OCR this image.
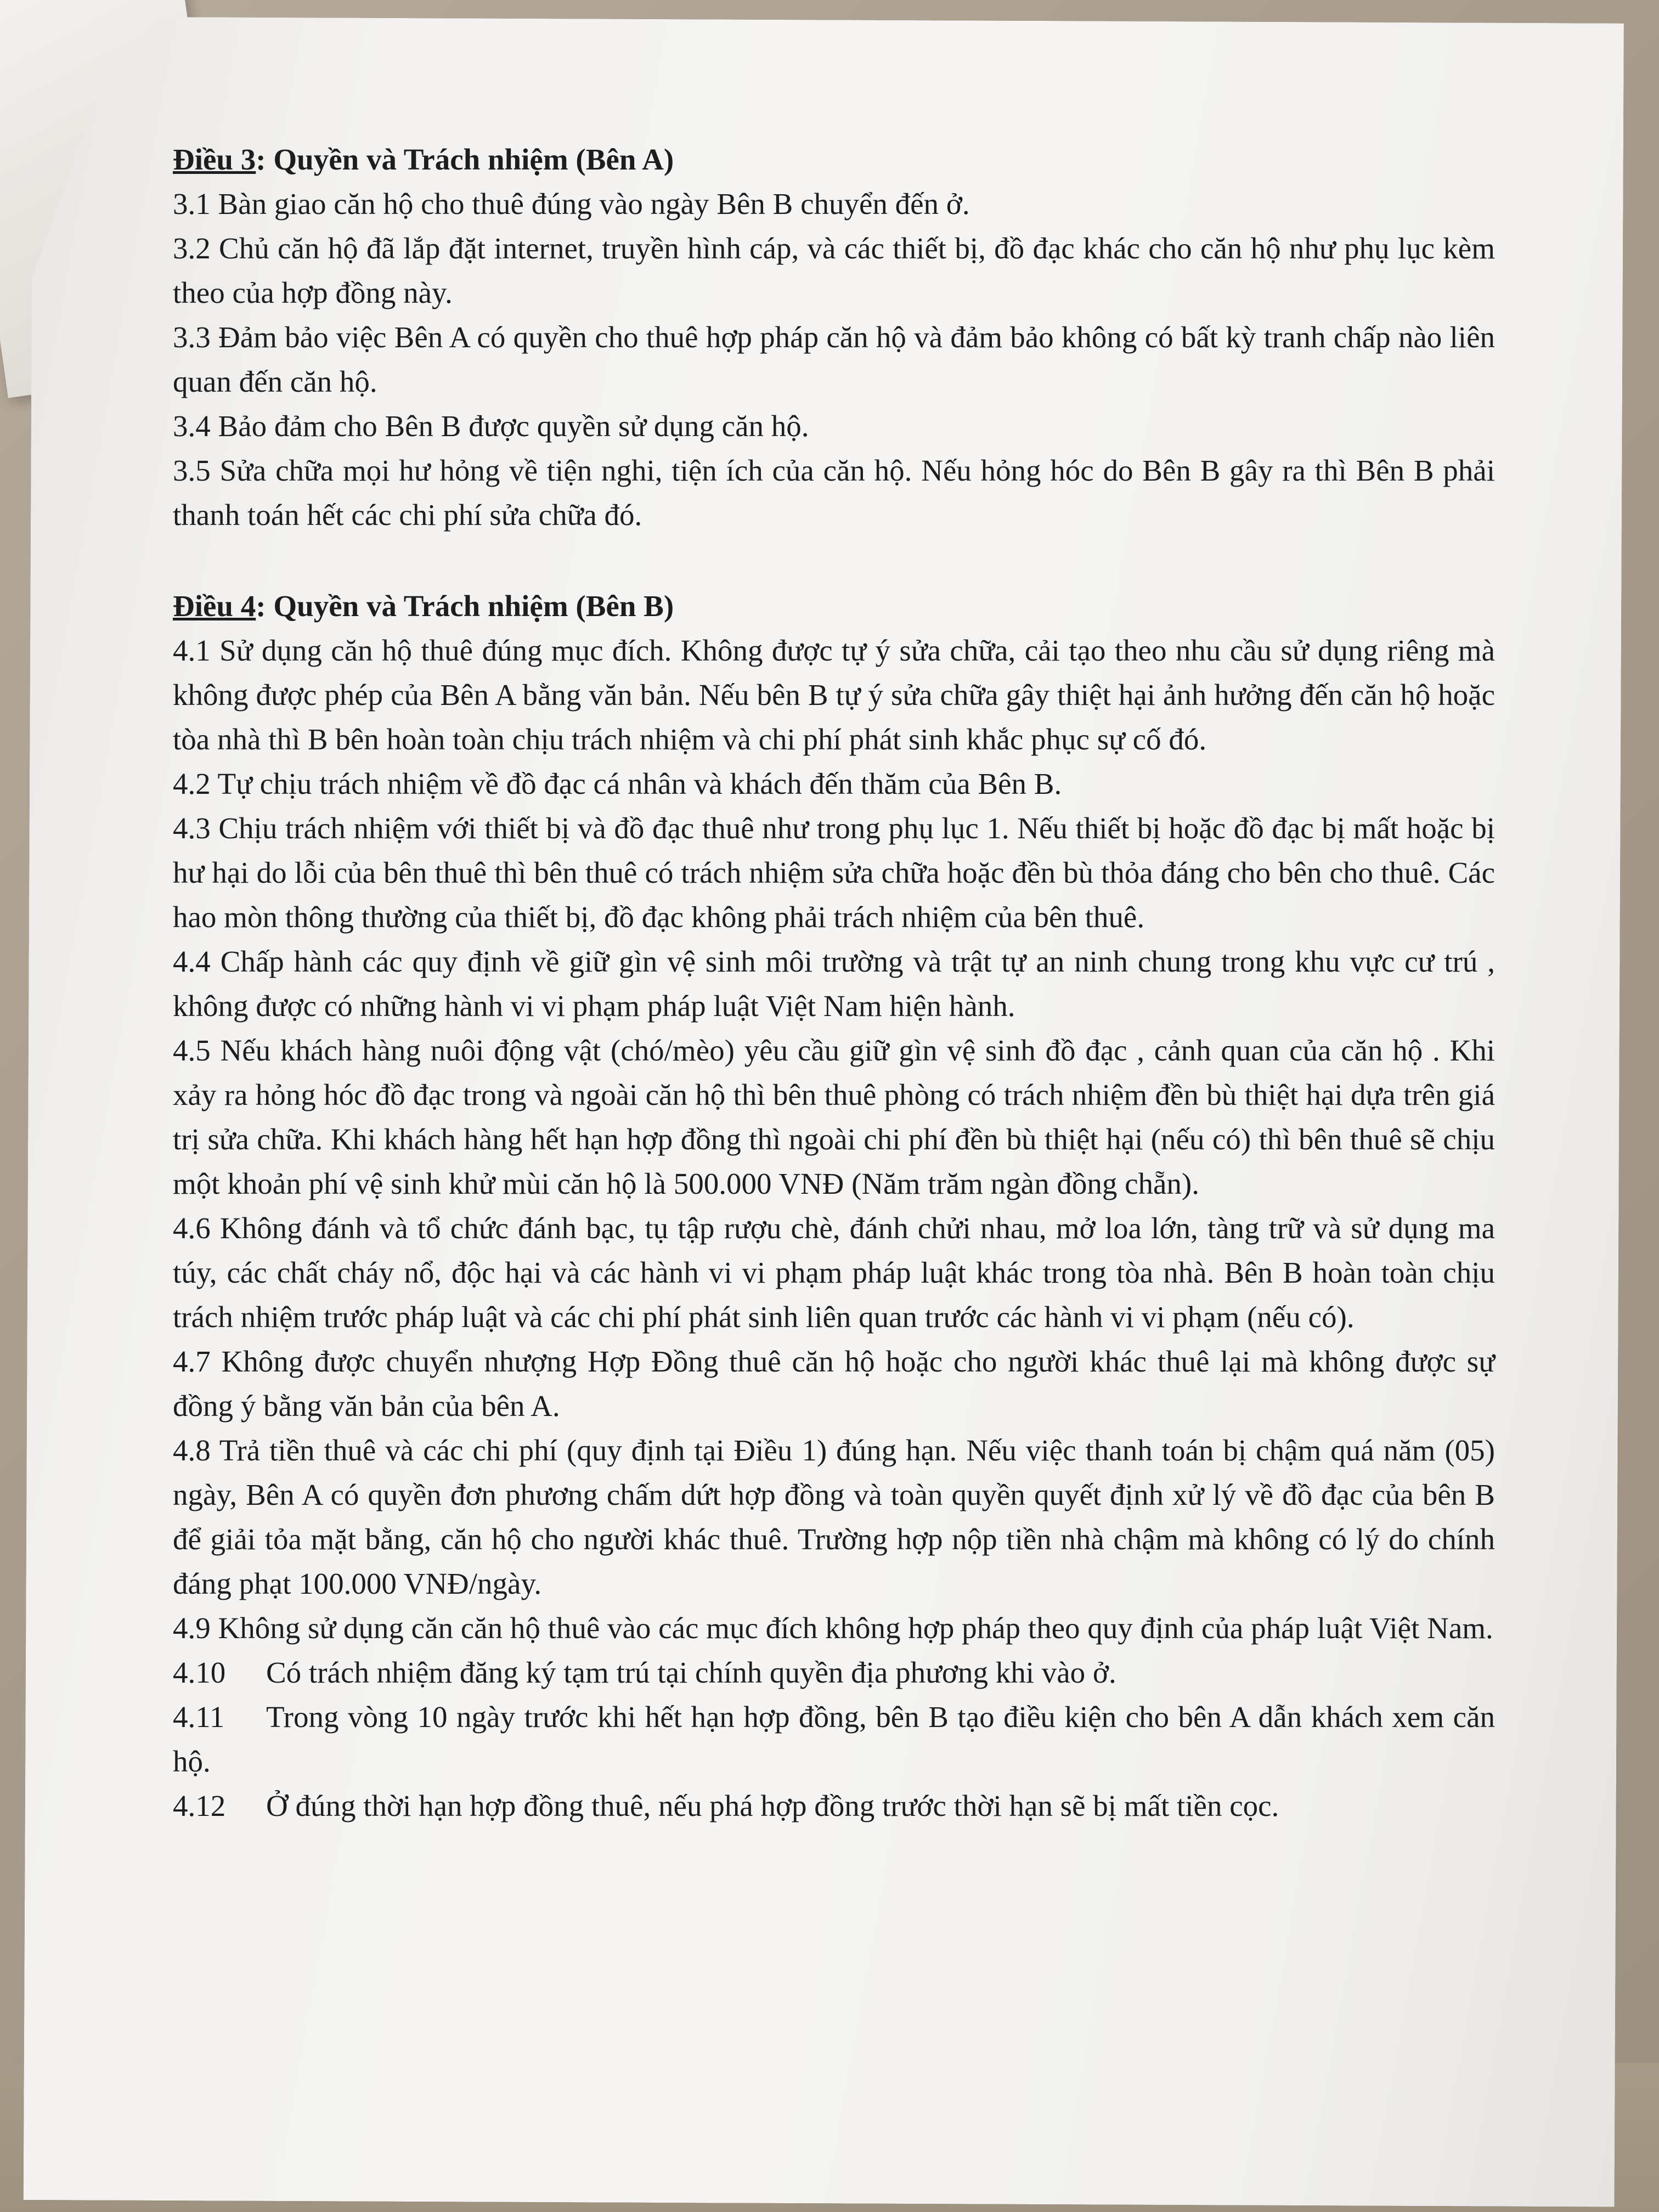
Điều 3: Quyền và Trách nhiệm (Bên A)

3.1 Bàn giao căn hộ cho thuê đúng vào ngày Bên B chuyển đến ở.

3.2 Chủ căn hộ đã lắp đặt internet, truyền hình cáp, và các thiết bị, đồ đạc khác cho căn hộ như phụ lục kèm theo của hợp đồng này.

3.3 Đảm bảo việc Bên A có quyền cho thuê hợp pháp căn hộ và đảm bảo không có bất kỳ tranh chấp nào liên quan đến căn hộ.

3.4 Bảo đảm cho Bên B được quyền sử dụng căn hộ.

3.5 Sửa chữa mọi hư hỏng về tiện nghi, tiện ích của căn hộ. Nếu hỏng hóc do Bên B gây ra thì Bên B phải thanh toán hết các chi phí sửa chữa đó.

Điều 4: Quyền và Trách nhiệm (Bên B)

4.1 Sử dụng căn hộ thuê đúng mục đích. Không được tự ý sửa chữa, cải tạo theo nhu cầu sử dụng riêng mà không được phép của Bên A bằng văn bản. Nếu bên B tự ý sửa chữa gây thiệt hại ảnh hưởng đến căn hộ hoặc tòa nhà thì B bên hoàn toàn chịu trách nhiệm và chi phí phát sinh khắc phục sự cố đó.

4.2 Tự chịu trách nhiệm về đồ đạc cá nhân và khách đến thăm của Bên B.

4.3 Chịu trách nhiệm với thiết bị và đồ đạc thuê như trong phụ lục 1. Nếu thiết bị hoặc đồ đạc bị mất hoặc bị hư hại do lỗi của bên thuê thì bên thuê có trách nhiệm sửa chữa hoặc đền bù thỏa đáng cho bên cho thuê. Các hao mòn thông thường của thiết bị, đồ đạc không phải trách nhiệm của bên thuê.

4.4 Chấp hành các quy định về giữ gìn vệ sinh môi trường và trật tự an ninh chung trong khu vực cư trú , không được có những hành vi vi phạm pháp luật Việt Nam hiện hành.

4.5 Nếu khách hàng nuôi động vật (chó/mèo) yêu cầu giữ gìn vệ sinh đồ đạc , cảnh quan của căn hộ . Khi xảy ra hỏng hóc đồ đạc trong và ngoài căn hộ thì bên thuê phòng có trách nhiệm đền bù thiệt hại dựa trên giá trị sửa chữa. Khi khách hàng hết hạn hợp đồng thì ngoài chi phí đền bù thiệt hại (nếu có) thì bên thuê sẽ chịu một khoản phí vệ sinh khử mùi căn hộ là 500.000 VNĐ (Năm trăm ngàn đồng chẵn).

4.6 Không đánh và tổ chức đánh bạc, tụ tập rượu chè, đánh chửi nhau, mở loa lớn, tàng trữ và sử dụng ma túy, các chất cháy nổ, độc hại và các hành vi vi phạm pháp luật khác trong tòa nhà. Bên B hoàn toàn chịu trách nhiệm trước pháp luật và các chi phí phát sinh liên quan trước các hành vi vi phạm (nếu có).

4.7 Không được chuyển nhượng Hợp Đồng thuê căn hộ hoặc cho người khác thuê lại mà không được sự đồng ý bằng văn bản của bên A.

4.8 Trả tiền thuê và các chi phí (quy định tại Điều 1) đúng hạn. Nếu việc thanh toán bị chậm quá năm (05) ngày, Bên A có quyền đơn phương chấm dứt hợp đồng và toàn quyền quyết định xử lý về đồ đạc của bên B để giải tỏa mặt bằng, căn hộ cho người khác thuê. Trường hợp nộp tiền nhà chậm mà không có lý do chính đáng phạt 100.000 VNĐ/ngày.

4.9 Không sử dụng căn căn hộ thuê vào các mục đích không hợp pháp theo quy định của pháp luật Việt Nam.

4.10 Có trách nhiệm đăng ký tạm trú tại chính quyền địa phương khi vào ở.

4.11 Trong vòng 10 ngày trước khi hết hạn hợp đồng, bên B tạo điều kiện cho bên A dẫn khách xem căn hộ.

4.12 Ở đúng thời hạn hợp đồng thuê, nếu phá hợp đồng trước thời hạn sẽ bị mất tiền cọc.
